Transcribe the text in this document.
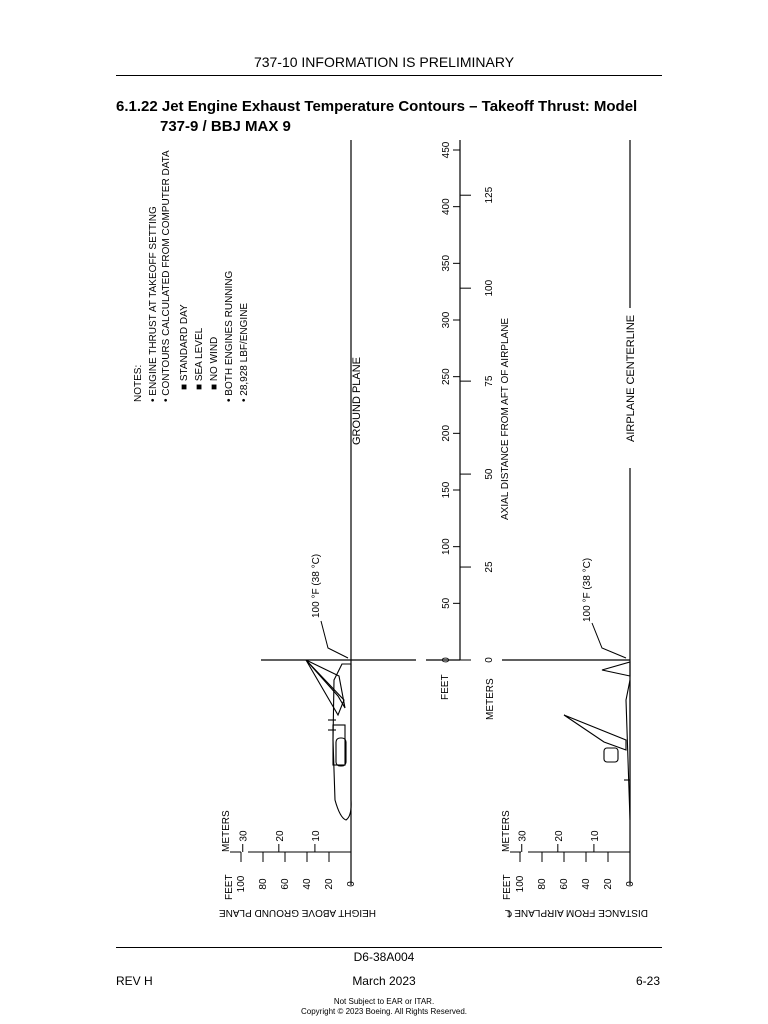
737-10 INFORMATION IS PRELIMINARY
6.1.22 Jet Engine Exhaust Temperature Contours – Takeoff Thrust: Model
737-9 / BBJ MAX 9
NOTES: • ENGINE THRUST AT TAKEOFF SETTING • CONTOURS CALCULATED FROM COMPUTER DATA ■ STANDARD DAY ■ SEA LEVEL ■ NO WIND • BOTH ENGINES RUNNING • 28,928 LBF/ENGINE	GROUND PLANE
100 °F (38 °C)
0
20
40
60
80
100
10
20
30
FEET
METERS
HEIGHT ABOVE GROUND PLANE
AIRPLANE CENTERLINE
0
50
100
150
200
250
300
350
400
450
0
25
50
75
100
125
FEET	METERS
AXIAL DISTANCE FROM AFT OF AIRPLANE
100 °F (38 °C)
0
20
40
60
80
100
10
20
30
FEET
METERS
DISTANCE FROM AIRPLANE ℄
D6-38A004
REV H	March 2023	6-23
Not Subject to EAR or ITAR.
Copyright © 2023 Boeing. All Rights Reserved.
